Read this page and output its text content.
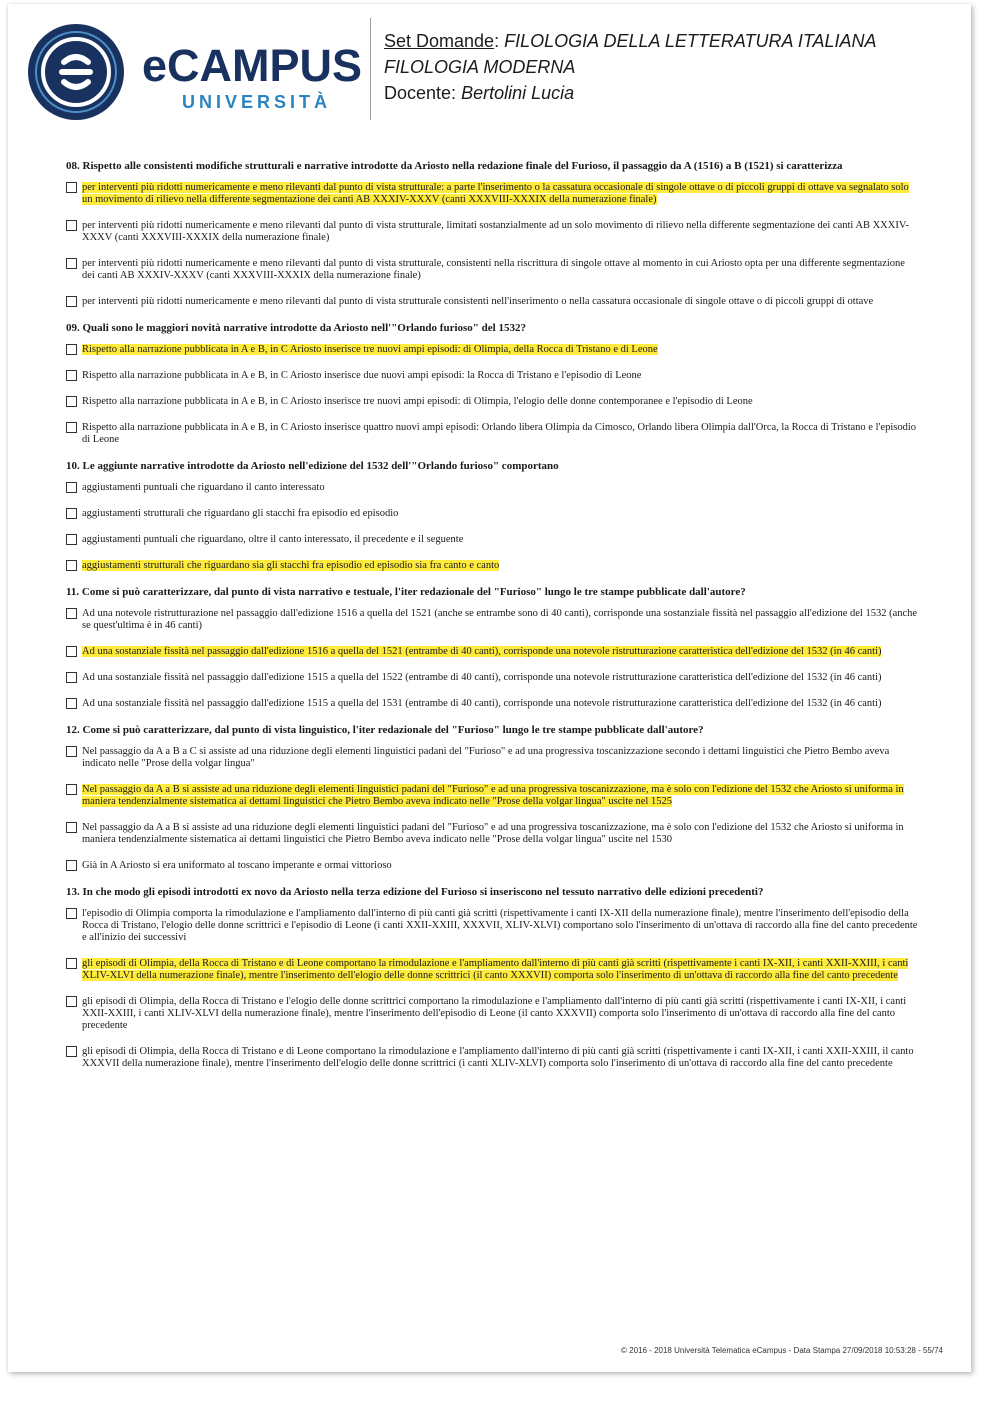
eCAMPUS
UNIVERSITÀ
Set Domande: FILOLOGIA DELLA LETTERATURA ITALIANA
FILOLOGIA MODERNA
Docente: Bertolini Lucia
08. Rispetto alle consistenti modifiche strutturali e narrative introdotte da Ariosto nella redazione finale del Furioso, il passaggio da A (1516) a B (1521) si caratterizza
per interventi più ridotti numericamente e meno rilevanti dal punto di vista strutturale: a parte l'inserimento o la cassatura occasionale di singole ottave o di piccoli gruppi di ottave va segnalato solo un movimento di rilievo nella differente segmentazione dei canti AB XXXIV-XXXV (canti XXXVIII-XXXIX della numerazione finale)
per interventi più ridotti numericamente e meno rilevanti dal punto di vista strutturale, limitati sostanzialmente ad un solo movimento di rilievo nella differente segmentazione dei canti AB XXXIV-XXXV (canti XXXVIII-XXXIX della numerazione finale)
per interventi più ridotti numericamente e meno rilevanti dal punto di vista strutturale, consistenti nella riscrittura di singole ottave al momento in cui Ariosto opta per una differente segmentazione dei canti AB XXXIV-XXXV (canti XXXVIII-XXXIX della numerazione finale)
per interventi più ridotti numericamente e meno rilevanti dal punto di vista strutturale consistenti nell'inserimento o nella cassatura occasionale di singole ottave o di piccoli gruppi di ottave
09. Quali sono le maggiori novità narrative introdotte da Ariosto nell'"Orlando furioso" del 1532?
Rispetto alla narrazione pubblicata in A e B, in C Ariosto inserisce tre nuovi ampi episodi: di Olimpia, della Rocca di Tristano e di Leone
Rispetto alla narrazione pubblicata in A e B, in C Ariosto inserisce due nuovi ampi episodi: la Rocca di Tristano e l'episodio di Leone
Rispetto alla narrazione pubblicata in A e B, in C Ariosto inserisce tre nuovi ampi episodi: di Olimpia, l'elogio delle donne contemporanee e l'episodio di Leone
Rispetto alla narrazione pubblicata in A e B, in C Ariosto inserisce quattro nuovi ampi episodi: Orlando libera Olimpia da Cimosco, Orlando libera Olimpia dall'Orca, la Rocca di Tristano e l'episodio di Leone
10. Le aggiunte narrative introdotte da Ariosto nell'edizione del 1532 dell'"Orlando furioso" comportano
aggiustamenti puntuali che riguardano il canto interessato
aggiustamenti strutturali che riguardano gli stacchi fra episodio ed episodio
aggiustamenti puntuali che riguardano, oltre il canto interessato, il precedente e il seguente
aggiustamenti strutturali che riguardano sia gli stacchi fra episodio ed episodio sia fra canto e canto
11. Come si può caratterizzare, dal punto di vista narrativo e testuale, l'iter redazionale del "Furioso" lungo le tre stampe pubblicate dall'autore?
Ad una notevole ristrutturazione nel passaggio dall'edizione 1516 a quella del 1521 (anche se entrambe sono di 40 canti), corrisponde una sostanziale fissità nel passaggio all'edizione del 1532 (anche se quest'ultima è in 46 canti)
Ad una sostanziale fissità nel passaggio dall'edizione 1516 a quella del 1521 (entrambe di 40 canti), corrisponde una notevole ristrutturazione caratteristica dell'edizione del 1532 (in 46 canti)
Ad una sostanziale fissità nel passaggio dall'edizione 1515 a quella del 1522 (entrambe di 40 canti), corrisponde una notevole ristrutturazione caratteristica dell'edizione del 1532 (in 46 canti)
Ad una sostanziale fissità nel passaggio dall'edizione 1515 a quella del 1531 (entrambe di 40 canti), corrisponde una notevole ristrutturazione caratteristica dell'edizione del 1532 (in 46 canti)
12. Come si può caratterizzare, dal punto di vista linguistico, l'iter redazionale del "Furioso" lungo le tre stampe pubblicate dall'autore?
Nel passaggio da A a B a C si assiste ad una riduzione degli elementi linguistici padani del "Furioso" e ad una progressiva toscanizzazione secondo i dettami linguistici che Pietro Bembo aveva indicato nelle "Prose della volgar lingua"
Nel passaggio da A a B si assiste ad una riduzione degli elementi linguistici padani del "Furioso" e ad una progressiva toscanizzazione, ma è solo con l'edizione del 1532 che Ariosto si uniforma in maniera tendenzialmente sistematica ai dettami linguistici che Pietro Bembo aveva indicato nelle "Prose della volgar lingua" uscite nel 1525
Nel passaggio da A a B si assiste ad una riduzione degli elementi linguistici padani del "Furioso" e ad una progressiva toscanizzazione, ma è solo con l'edizione del 1532 che Ariosto si uniforma in maniera tendenzialmente sistematica ai dettami linguistici che Pietro Bembo aveva indicato nelle "Prose della volgar lingua" uscite nel 1530
Già in A Ariosto si era uniformato al toscano imperante e ormai vittorioso
13. In che modo gli episodi introdotti ex novo da Ariosto nella terza edizione del Furioso si inseriscono nel tessuto narrativo delle edizioni precedenti?
l'episodio di Olimpia comporta la rimodulazione e l'ampliamento dall'interno di più canti già scritti (rispettivamente i canti IX-XII della numerazione finale), mentre l'inserimento dell'episodio della Rocca di Tristano, l'elogio delle donne scrittrici e l'episodio di Leone (i canti XXII-XXIII, XXXVII, XLIV-XLVI) comportano solo l'inserimento di un'ottava di raccordo alla fine del canto precedente e all'inizio dei successivi
gli episodi di Olimpia, della Rocca di Tristano e di Leone comportano la rimodulazione e l'ampliamento dall'interno di più canti già scritti (rispettivamente i canti IX-XII, i canti XXII-XXIII, i canti XLIV-XLVI della numerazione finale), mentre l'inserimento dell'elogio delle donne scrittrici (il canto XXXVII) comporta solo l'inserimento di un'ottava di raccordo alla fine del canto precedente
gli episodi di Olimpia, della Rocca di Tristano e l'elogio delle donne scrittrici comportano la rimodulazione e l'ampliamento dall'interno di più canti già scritti (rispettivamente i canti IX-XII, i canti XXII-XXIII, i canti XLIV-XLVI della numerazione finale), mentre l'inserimento dell'episodio di Leone (il canto XXXVII) comporta solo l'inserimento di un'ottava di raccordo alla fine del canto precedente
gli episodi di Olimpia, della Rocca di Tristano e di Leone comportano la rimodulazione e l'ampliamento dall'interno di più canti già scritti (rispettivamente i canti IX-XII, i canti XXII-XXIII, il canto XXXVII della numerazione finale), mentre l'inserimento dell'elogio delle donne scrittrici (i canti XLIV-XLVI) comporta solo l'inserimento di un'ottava di raccordo alla fine del canto precedente
© 2016 - 2018 Università Telematica eCampus - Data Stampa 27/09/2018 10:53:28 - 55/74
